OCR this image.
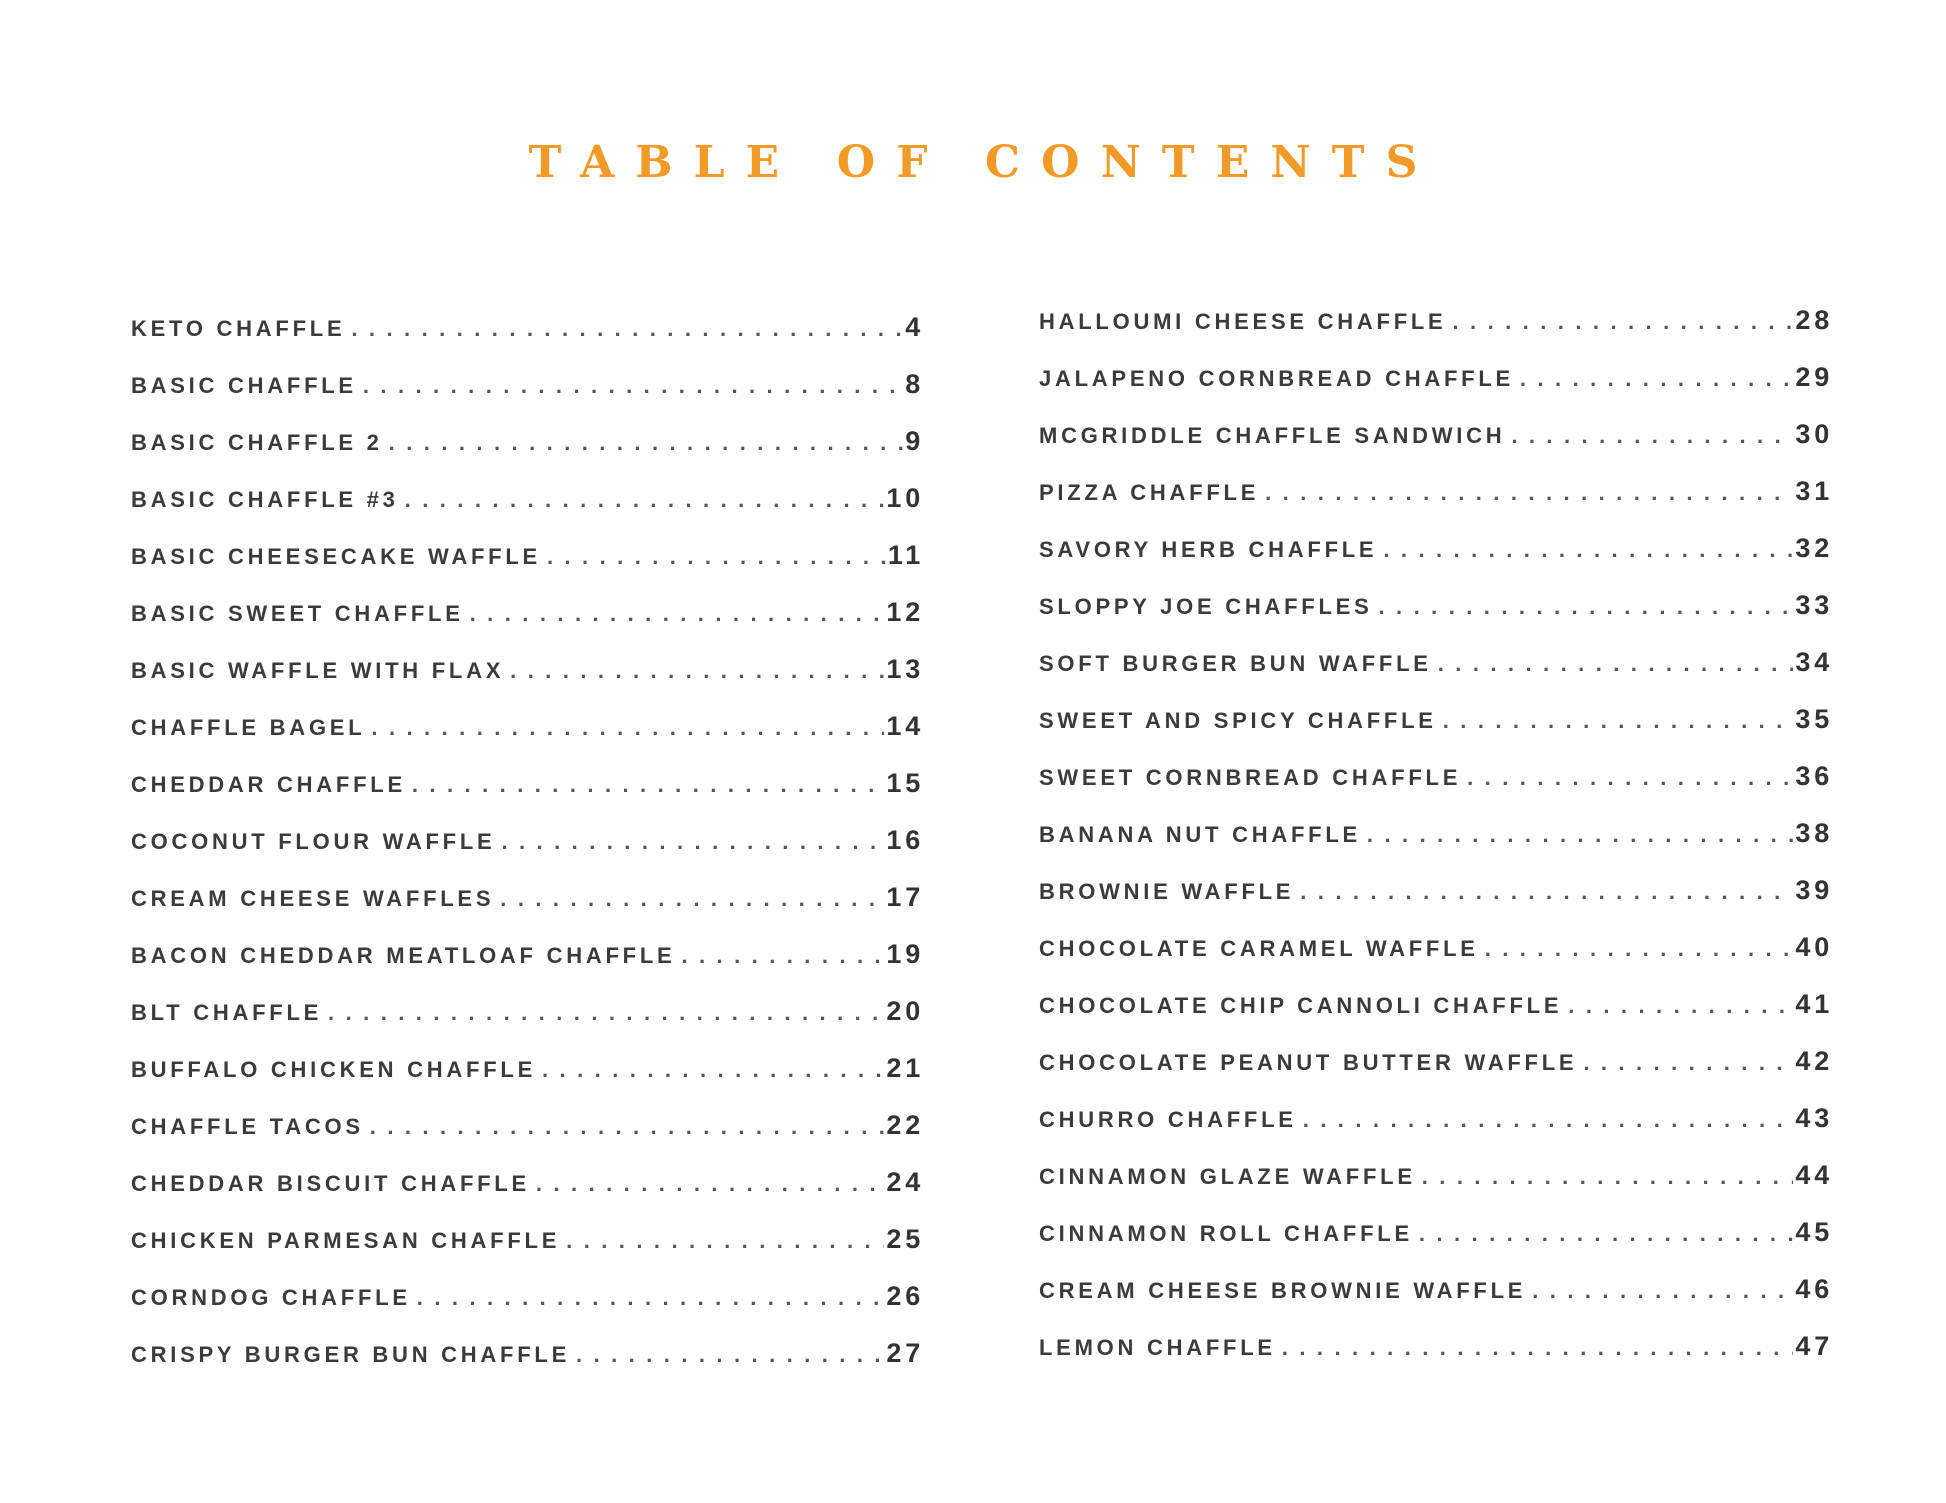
TABLE OF CONTENTS
KETO CHAFFLE .....	4
BASIC CHAFFLE .....	8
BASIC CHAFFLE 2 .....	9
BASIC CHAFFLE #3 .....	10
BASIC CHEESECAKE WAFFLE .....	11
BASIC SWEET CHAFFLE .....	12
BASIC WAFFLE WITH FLAX .....	13
CHAFFLE BAGEL .....	14
CHEDDAR CHAFFLE .....	15
COCONUT FLOUR WAFFLE .....	16
CREAM CHEESE WAFFLES .....	17
BACON CHEDDAR MEATLOAF CHAFFLE .....	19
BLT CHAFFLE .....	20
BUFFALO CHICKEN CHAFFLE .....	21
CHAFFLE TACOS .....	22
CHEDDAR BISCUIT CHAFFLE .....	24
CHICKEN PARMESAN CHAFFLE .....	25
CORNDOG CHAFFLE .....	26
CRISPY BURGER BUN CHAFFLE .....	27
HALLOUMI CHEESE CHAFFLE .....	28
JALAPENO CORNBREAD CHAFFLE .....	29
MCGRIDDLE CHAFFLE SANDWICH .....	30
PIZZA CHAFFLE .....	31
SAVORY HERB CHAFFLE .....	32
SLOPPY JOE CHAFFLES .....	33
SOFT BURGER BUN WAFFLE .....	34
SWEET AND SPICY CHAFFLE .....	35
SWEET CORNBREAD CHAFFLE .....	36
BANANA NUT CHAFFLE .....	38
BROWNIE WAFFLE .....	39
CHOCOLATE CARAMEL WAFFLE .....	40
CHOCOLATE CHIP CANNOLI CHAFFLE .....	41
CHOCOLATE PEANUT BUTTER WAFFLE .....	42
CHURRO CHAFFLE .....	43
CINNAMON GLAZE WAFFLE .....	44
CINNAMON ROLL CHAFFLE .....	45
CREAM CHEESE BROWNIE WAFFLE .....	46
LEMON CHAFFLE .....	47
